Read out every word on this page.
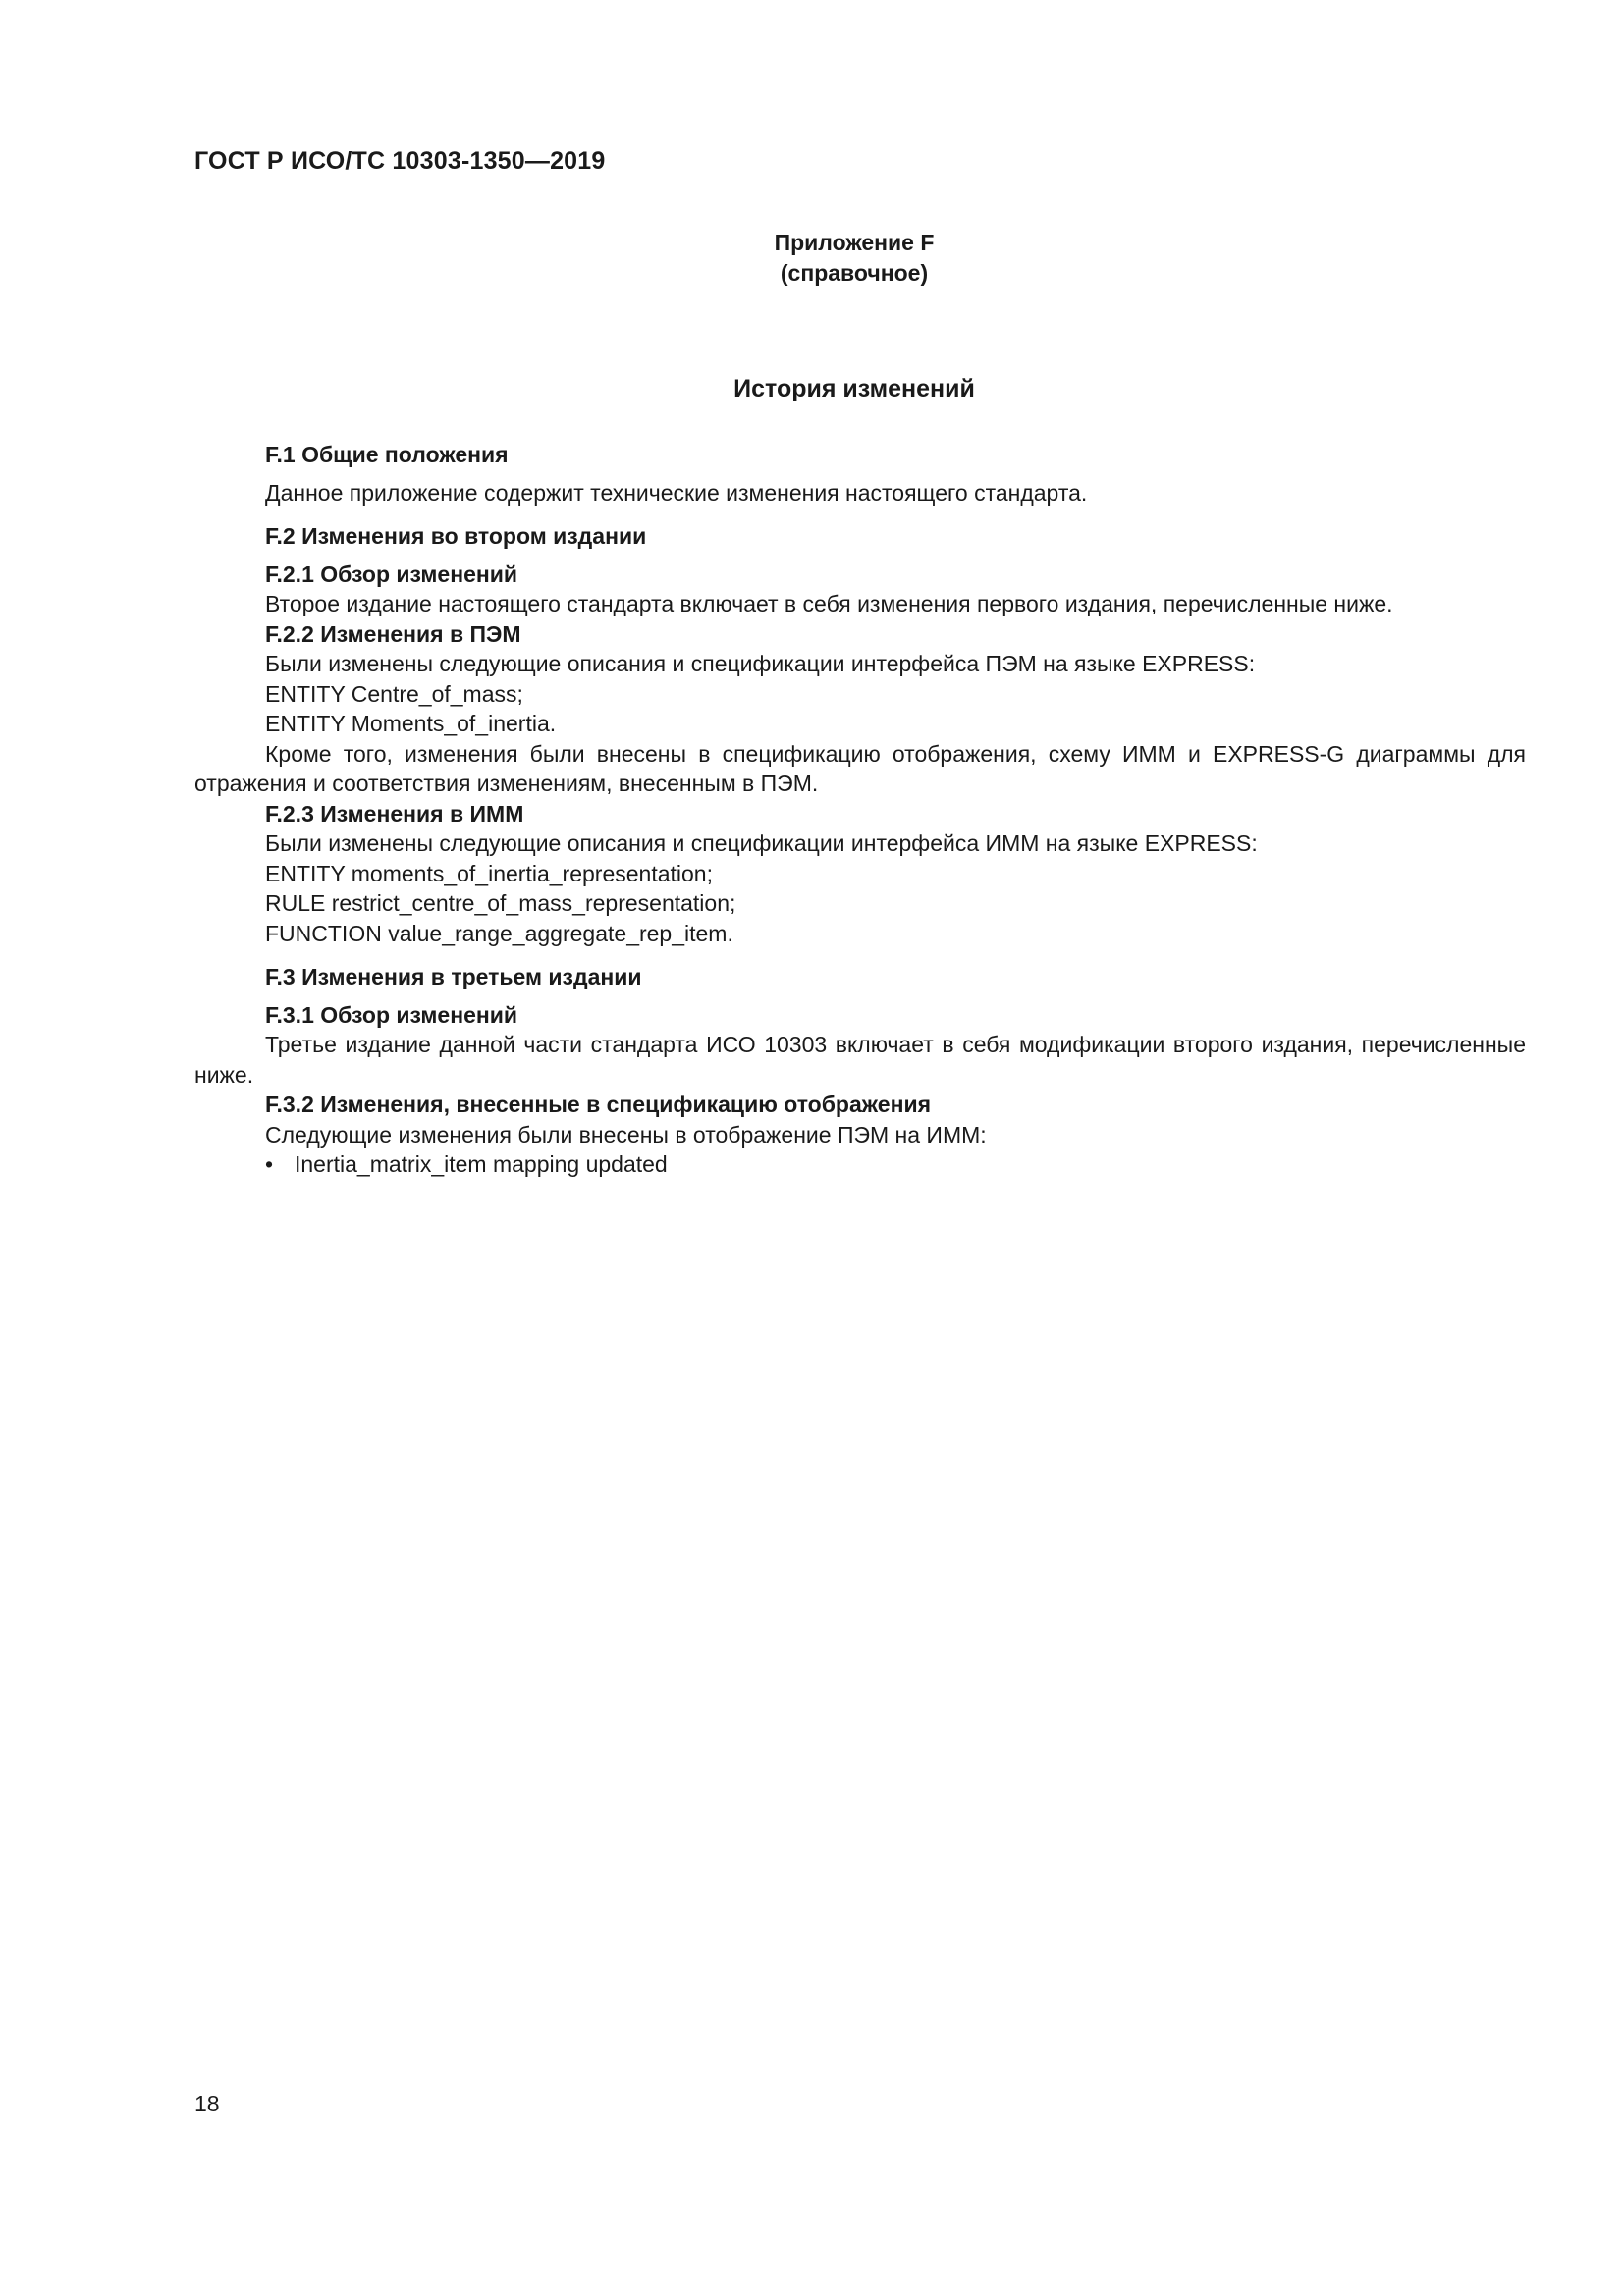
ГОСТ Р ИСО/ТС 10303-1350—2019
Приложение F
(справочное)
История изменений

F.1 Общие положения

Данное приложение содержит технические изменения настоящего стандарта.

F.2 Изменения во втором издании

F.2.1 Обзор изменений

Второе издание настоящего стандарта включает в себя изменения первого издания, перечисленные ниже.

F.2.2 Изменения в ПЭМ

Были изменены следующие описания и спецификации интерфейса ПЭМ на языке EXPRESS:

ENTITY Centre_of_mass;

ENTITY Moments_of_inertia.

Кроме того, изменения были внесены в спецификацию отображения, схему ИММ и EXPRESS-G диаграммы для отражения и соответствия изменениям, внесенным в ПЭМ.

F.2.3 Изменения в ИММ

Были изменены следующие описания и спецификации интерфейса ИММ на языке EXPRESS:

ENTITY moments_of_inertia_representation;

RULE restrict_centre_of_mass_representation;

FUNCTION value_range_aggregate_rep_item.

F.3 Изменения в третьем издании

F.3.1 Обзор изменений

Третье издание данной части стандарта ИСО 10303 включает в себя модификации второго издания, перечисленные ниже.

F.3.2 Изменения, внесенные в спецификацию отображения

Следующие изменения были внесены в отображение ПЭМ на ИММ:

• Inertia_matrix_item mapping updated
18
